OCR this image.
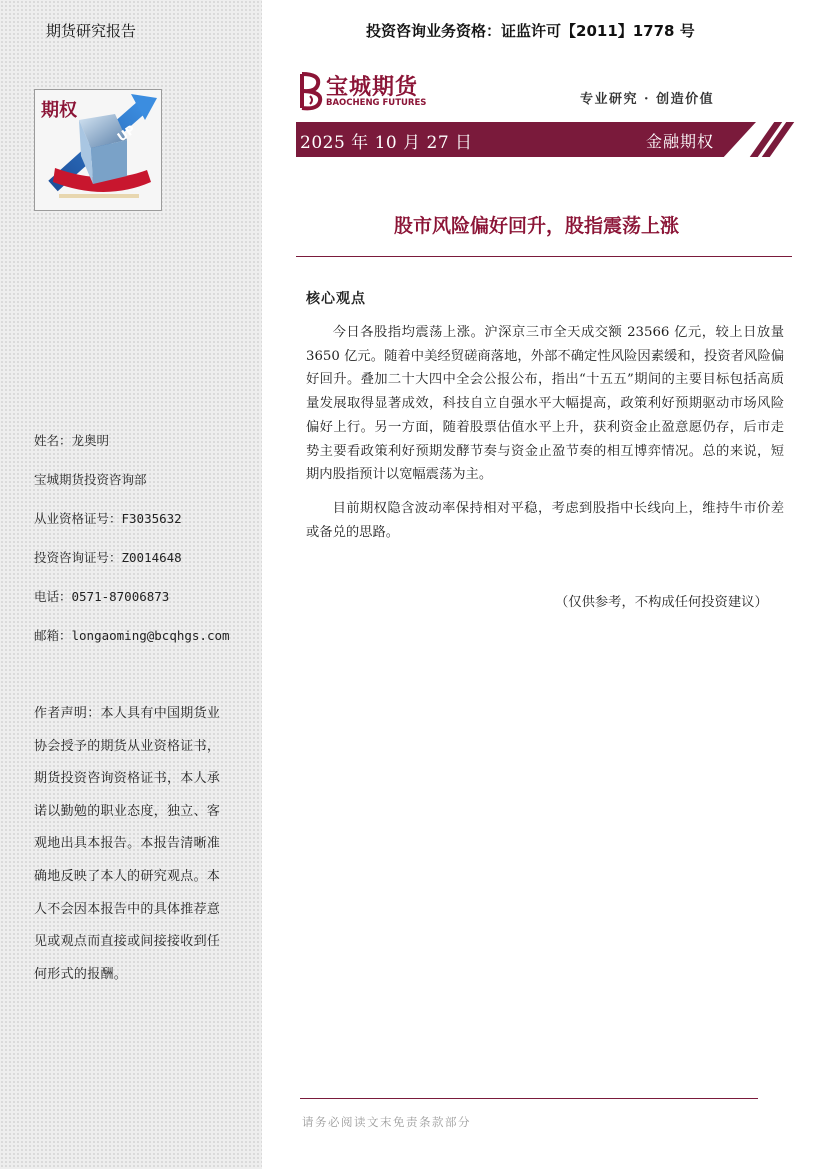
期货研究报告
期权
UP
姓名：龙奥明
宝城期货投资咨询部
从业资格证号：F3035632
投资咨询证号：Z0014648
电话：0571-87006873
邮箱：longaoming@bcqhgs.com
作者声明：本人具有中国期货业协会授予的期货从业资格证书，期货投资咨询资格证书，本人承诺以勤勉的职业态度，独立、客观地出具本报告。本报告清晰准确地反映了本人的研究观点。本人不会因本报告中的具体推荐意见或观点而直接或间接接收到任何形式的报酬。
投资咨询业务资格：证监许可【2011】1778 号
宝城期货
BAOCHENG FUTURES	专业研究 · 创造价值
2025 年 10 月 27 日	金融期权
股市风险偏好回升，股指震荡上涨
核心观点

今日各股指均震荡上涨。沪深京三市全天成交额 23566 亿元，较上日放量 3650 亿元。随着中美经贸磋商落地，外部不确定性风险因素缓和，投资者风险偏好回升。叠加二十大四中全会公报公布，指出“十五五”期间的主要目标包括高质量发展取得显著成效，科技自立自强水平大幅提高，政策利好预期驱动市场风险偏好上行。另一方面，随着股票估值水平上升，获利资金止盈意愿仍存，后市走势主要看政策利好预期发酵节奏与资金止盈节奏的相互博弈情况。总的来说，短期内股指预计以宽幅震荡为主。

目前期权隐含波动率保持相对平稳，考虑到股指中长线向上，维持牛市价差或备兑的思路。

（仅供参考，不构成任何投资建议）
请务必阅读文末免责条款部分
